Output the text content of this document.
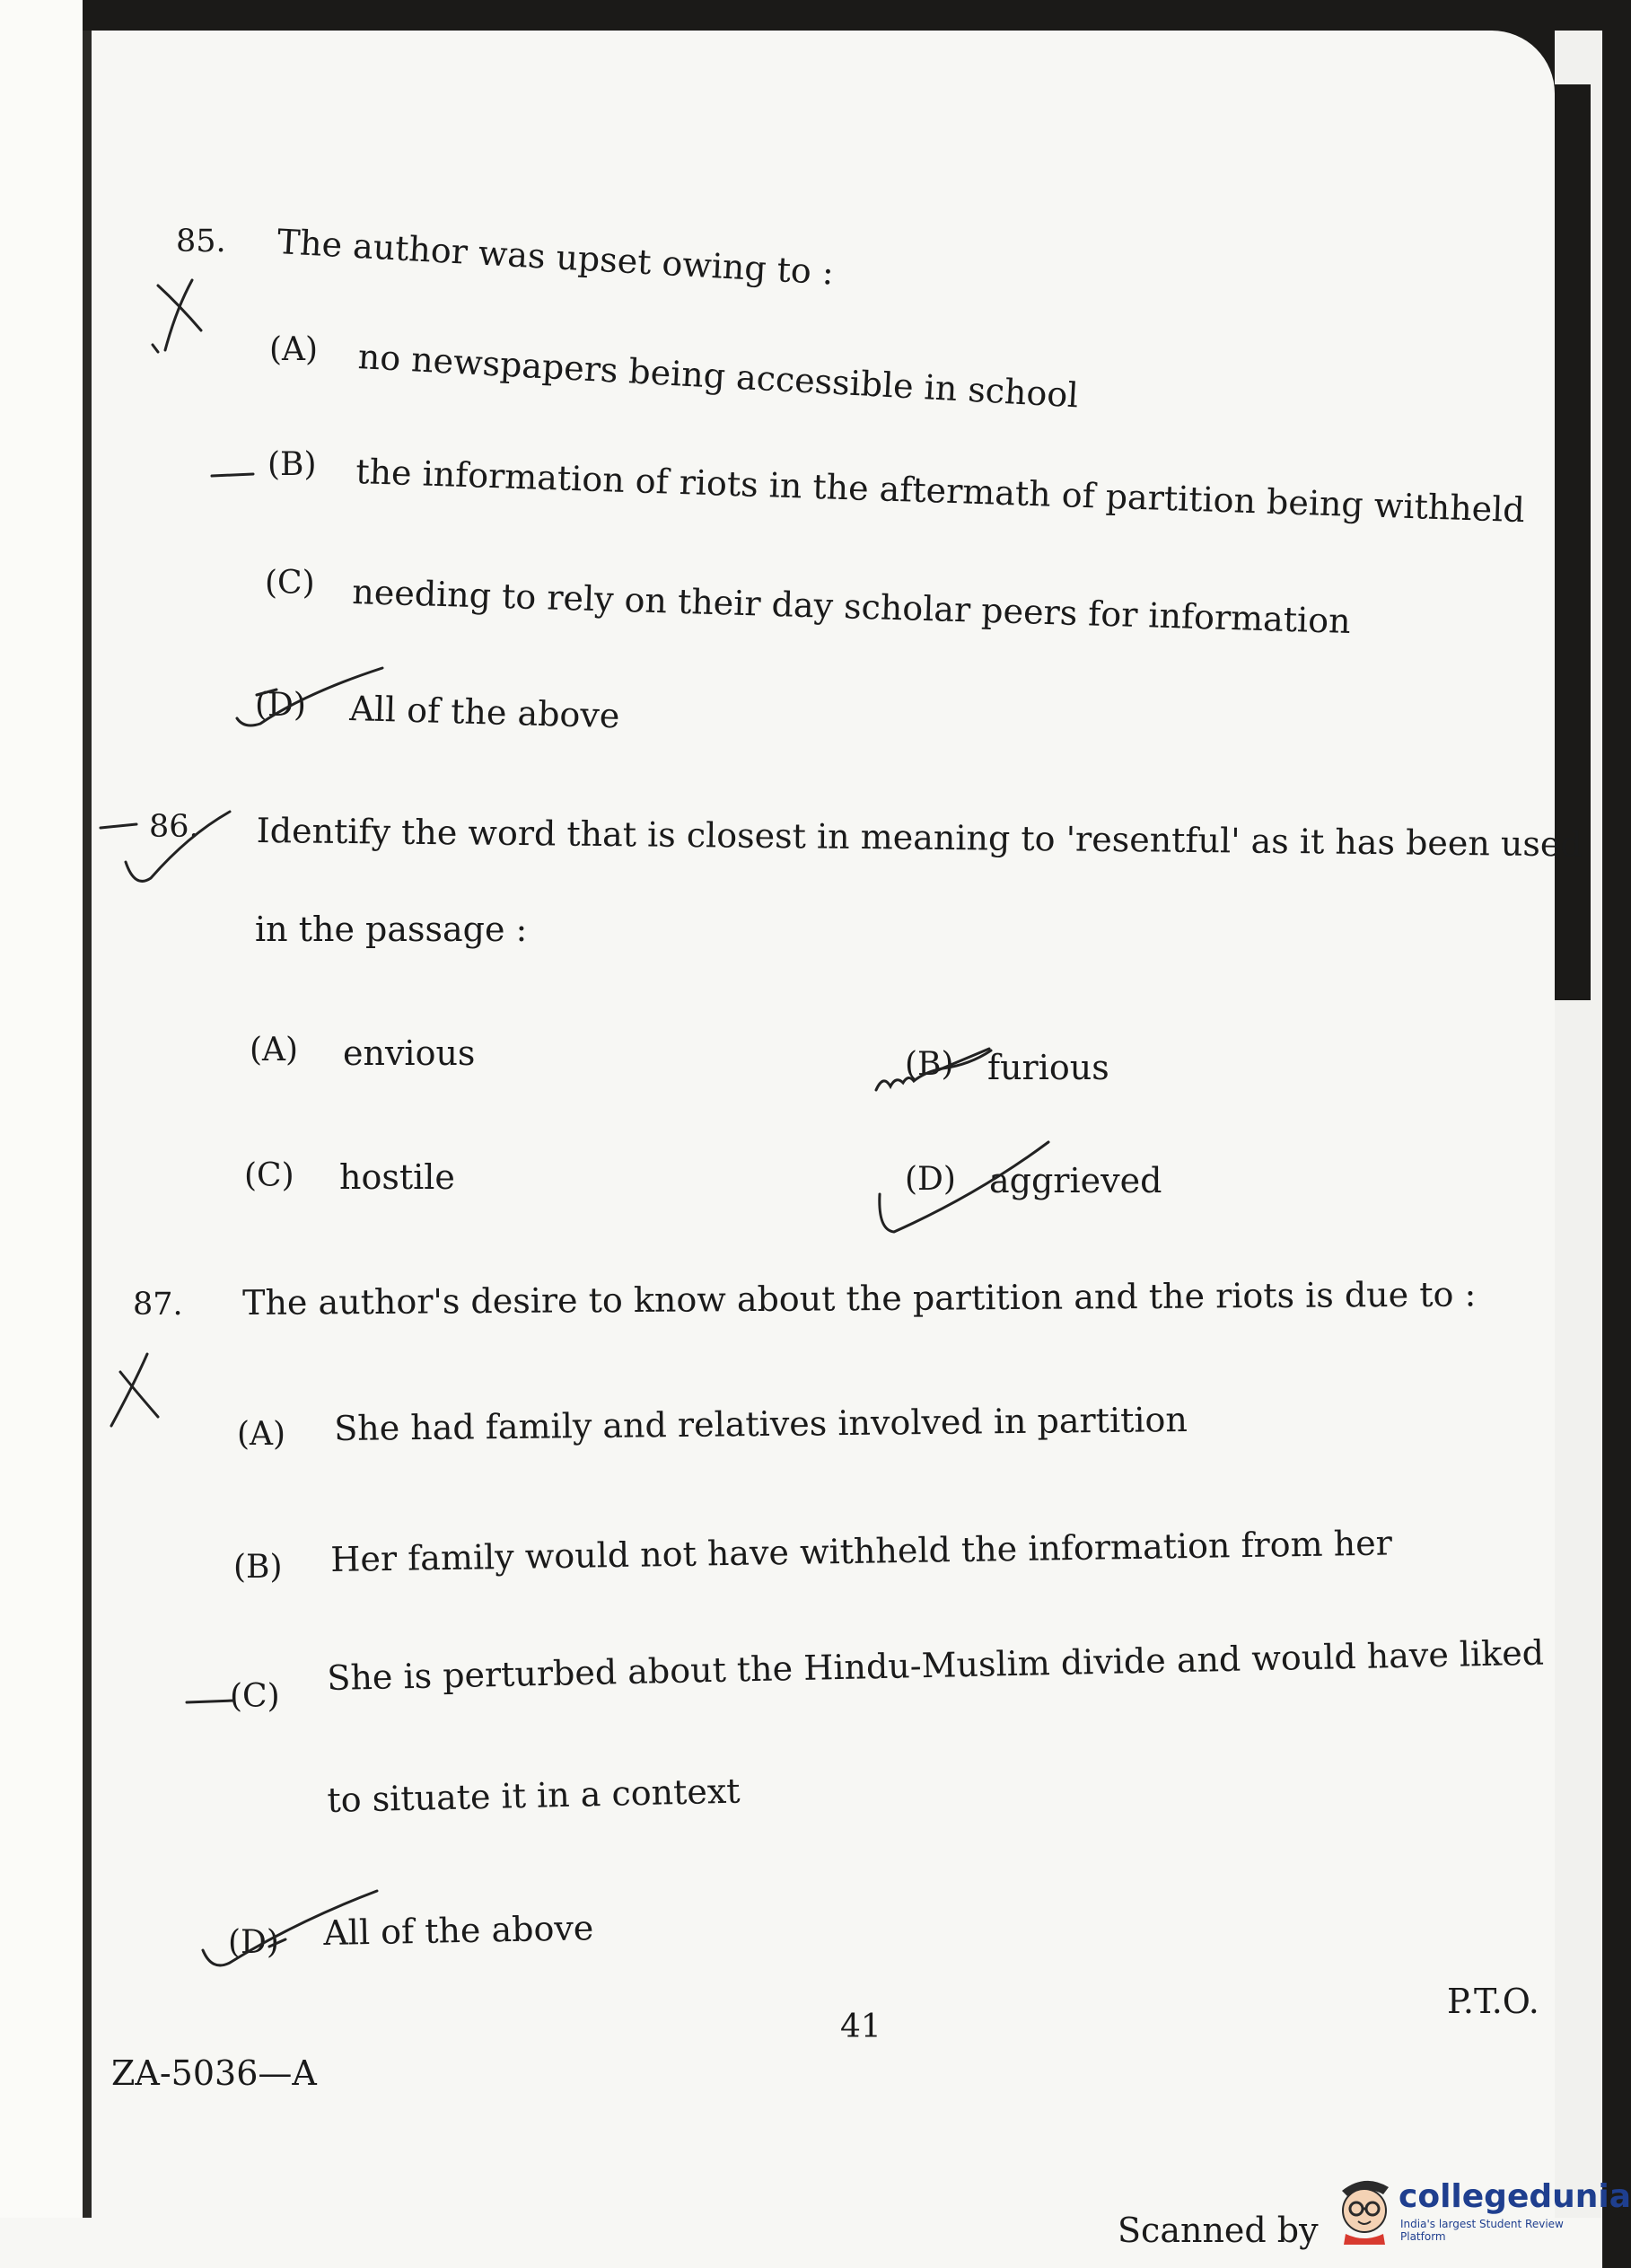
85. The author was upset owing to :
(A) no newspapers being accessible in school
(B) the information of riots in the aftermath of partition being withheld
(C) needing to rely on their day scholar peers for information
(D) All of the above
86. Identify the word that is closest in meaning to 'resentful' as it has been used
in the passage :
(A) envious	(B) furious
(C) hostile	(D) aggrieved
87. The author's desire to know about the partition and the riots is due to :
(A) She had family and relatives involved in partition
(B) Her family would not have withheld the information from her
(C) She is perturbed about the Hindu-Muslim divide and would have liked
to situate it in a context
(D) All of the above
41
P.T.O.
ZA-5036—A
Scanned by
collegedunia
India's largest Student Review Platform
